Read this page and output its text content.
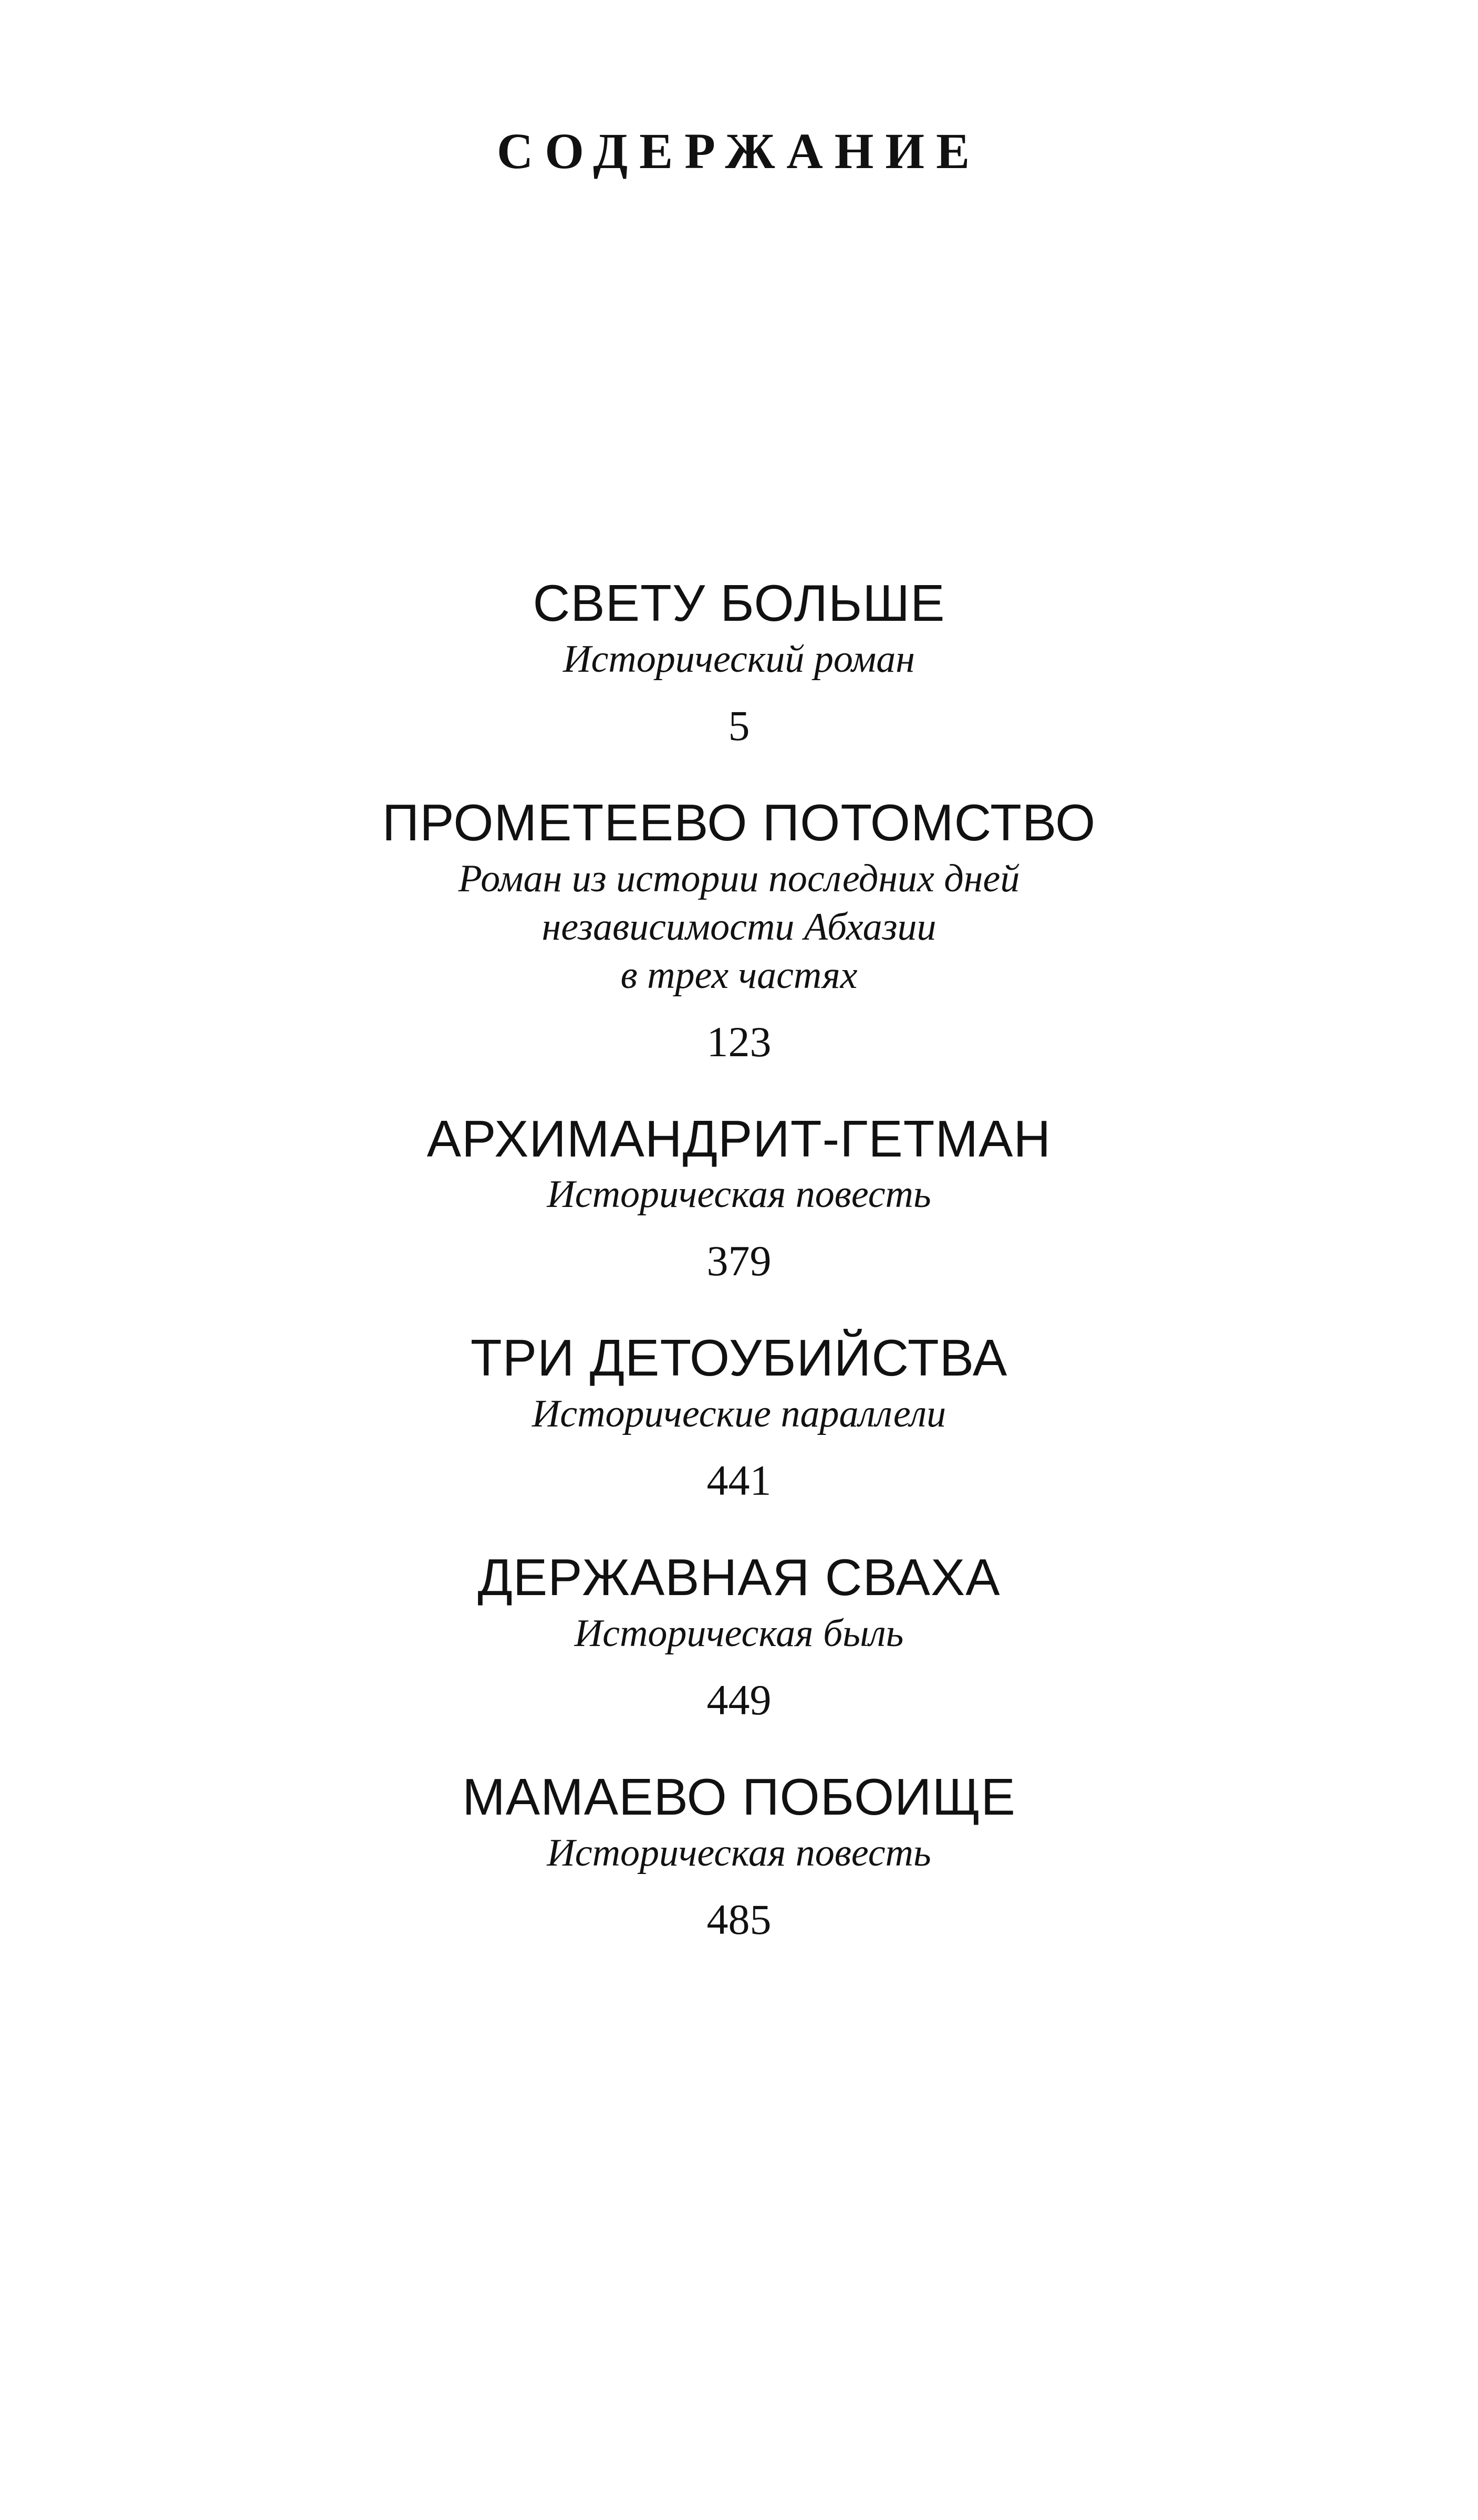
СОДЕРЖАНИЕ
СВЕТУ БОЛЬШЕ
Исторический роман
5
ПРОМЕТЕЕВО ПОТОМСТВО
Роман из истории последних дней
независимости Абхазии
в трех частях
123
АРХИМАНДРИТ-ГЕТМАН
Историческая повесть
379
ТРИ ДЕТОУБИЙСТВА
Исторические параллели
441
ДЕРЖАВНАЯ СВАХА
Историческая быль
449
МАМАЕВО ПОБОИЩЕ
Историческая повесть
485
